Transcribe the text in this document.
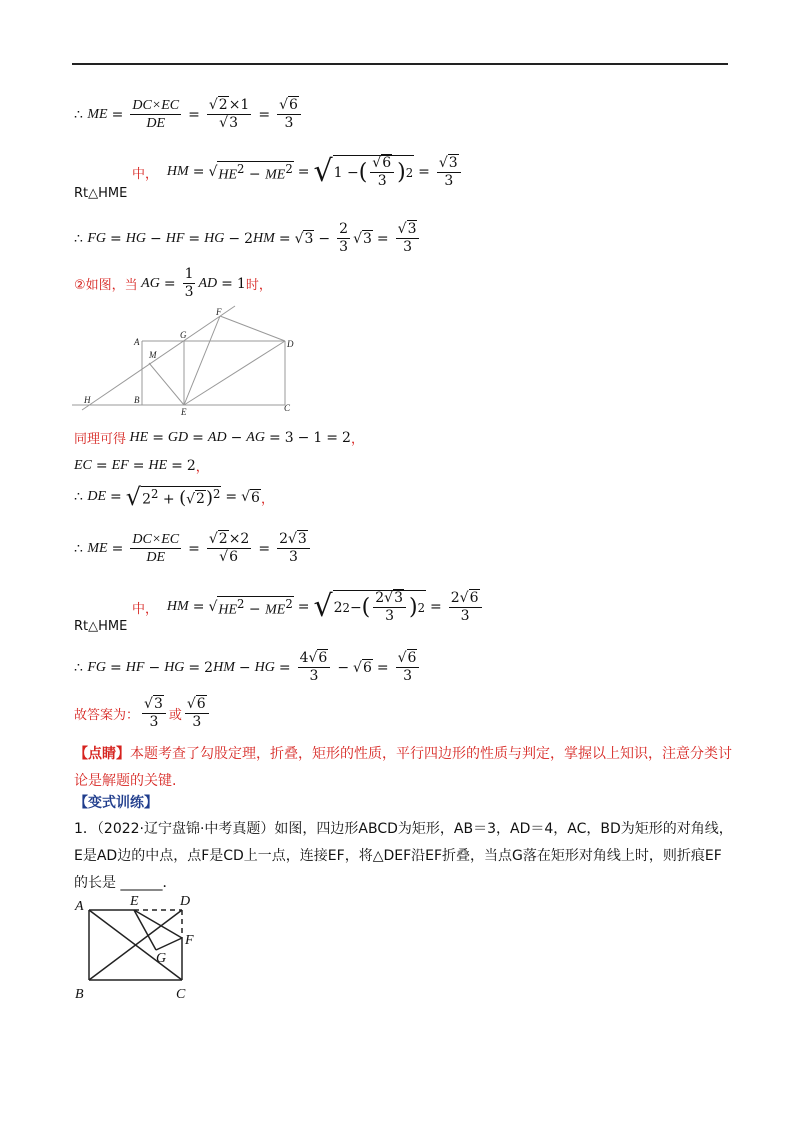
∴
ME = $\frac{DC\times EC}{DE} = \frac{√2\times 1}{√3} = \frac{√6}{3}$
中，
HM = √ $HE^2 - ME^2$ = √ 1 − ( $\frac{√6}{3}$ ) $2 = \frac{√3}{3}$
Rt△HME
∴
FG = HG − HF = HG − 2 HM = √ $3 - \frac{2}{3}$ √ $3 = \frac{√3}{3}$
②如图，当 AG = $\frac{1}{3}$ AD = 1 时，
A
G
F
D
M
H	B
E	C
同理可得 HE = GD = AD − AG = 3 − 1 = 2 ，
EC = EF = HE = 2 ，
∴
DE = √ $2^2 + (√2)^2$ = √ 6 ，
∴
ME = $\frac{DC\times EC}{DE} = \frac{√2\times 2}{√6} = \frac{2√3}{3}$
中，
HM = √ $HE^2 - ME^2$ = √ 2 2 − ( $\frac{2√3}{3}$ ) $2 = \frac{2√6}{3}$
Rt△HME
∴
FG = HF − HG = 2 HM − HG = $\frac{4√6}{3}$ − √ $6 = \frac{√6}{3}$
故答案为： $\frac{√3}{3}$ 或 $\frac{√6}{3}$
【点睛】本题考查了勾股定理，折叠，矩形的性质，平行四边形的性质与判定，掌握以上知识，注意分类讨论是解题的关键.
【变式训练】
1．（2022·辽宁盘锦·中考真题）如图，四边形ABCD为矩形，AB＝3，AD＝4，AC，BD为矩形的对角线，E是AD边的中点，点F是CD上一点，连接EF，将△DEF沿EF折叠，当点G落在矩形对角线上时，则折痕EF的长是 ______．
A	E	D
F
G
B	C
